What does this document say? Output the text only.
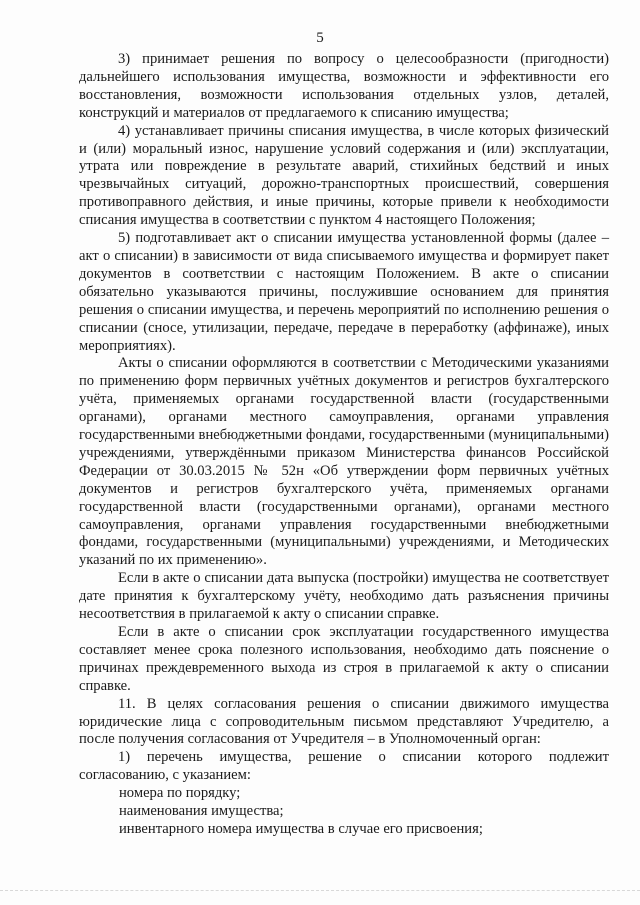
5

3) принимает решения по вопросу о целесообразности (пригодности) дальнейшего использования имущества, возможности и эффективности его восстановления, возможности использования отдельных узлов, деталей, конструкций и материалов от предлагаемого к списанию имущества;

4) устанавливает причины списания имущества, в числе которых физический и (или) моральный износ, нарушение условий содержания и (или) эксплуатации, утрата или повреждение в результате аварий, стихийных бедствий и иных чрезвычайных ситуаций, дорожно-транспортных происшествий, совершения противоправного действия, и иные причины, которые привели к необходимости списания имущества в соответствии с пунктом 4 настоящего Положения;

5) подготавливает акт о списании имущества установленной формы (далее – акт о списании) в зависимости от вида списываемого имущества и формирует пакет документов в соответствии с настоящим Положением. В акте о списании обязательно указываются причины, послужившие основанием для принятия решения о списании имущества, и перечень мероприятий по исполнению решения о списании (сносе, утилизации, передаче, передаче в переработку (аффинаже), иных мероприятиях).

Акты о списании оформляются в соответствии с Методическими указаниями по применению форм первичных учётных документов и регистров бухгалтерского учёта, применяемых органами государственной власти (государственными органами), органами местного самоуправления, органами управления государственными внебюджетными фондами, государственными (муниципальными) учреждениями, утверждёнными приказом Министерства финансов Российской Федерации от 30.03.2015 № 52н «Об утверждении форм первичных учётных документов и регистров бухгалтерского учёта, применяемых органами государственной власти (государственными органами), органами местного самоуправления, органами управления государственными внебюджетными фондами, государственными (муниципальными) учреждениями, и Методических указаний по их применению».

Если в акте о списании дата выпуска (постройки) имущества не соответствует дате принятия к бухгалтерскому учёту, необходимо дать разъяснения причины несоответствия в прилагаемой к акту о списании справке.

Если в акте о списании срок эксплуатации государственного имущества составляет менее срока полезного использования, необходимо дать пояснение о причинах преждевременного выхода из строя в прилагаемой к акту о списании справке.

11. В целях согласования решения о списании движимого имущества юридические лица с сопроводительным письмом представляют Учредителю, а после получения согласования от Учредителя – в Уполномоченный орган:

1) перечень имущества, решение о списании которого подлежит согласованию, с указанием:

номера по порядку;

наименования имущества;

инвентарного номера имущества в случае его присвоения;
